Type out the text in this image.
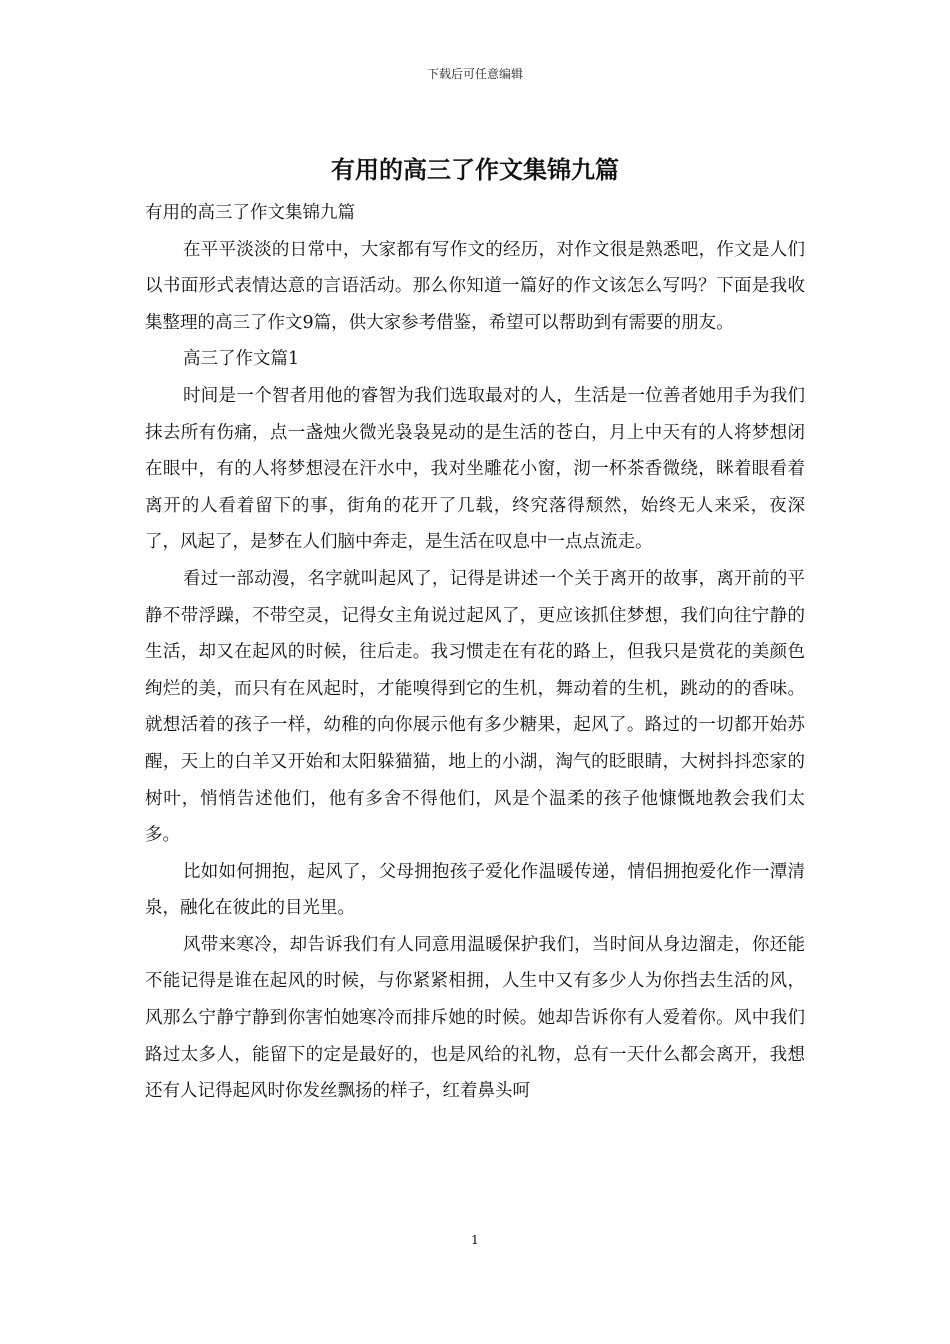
下载后可任意编辑
有用的高三了作文集锦九篇

有用的高三了作文集锦九篇

在平平淡淡的日常中，大家都有写作文的经历，对作文很是熟悉吧，作文是人们以书面形式表情达意的言语活动。那么你知道一篇好的作文该怎么写吗？下面是我收集整理的高三了作文9篇，供大家参考借鉴，希望可以帮助到有需要的朋友。

高三了作文篇1

时间是一个智者用他的睿智为我们选取最对的人，生活是一位善者她用手为我们抹去所有伤痛，点一盏烛火微光袅袅晃动的是生活的苍白，月上中天有的人将梦想闭在眼中，有的人将梦想浸在汗水中，我对坐雕花小窗，沏一杯茶香微绕，眯着眼看着离开的人看着留下的事，街角的花开了几载，终究落得颓然，始终无人来采，夜深了，风起了，是梦在人们脑中奔走，是生活在叹息中一点点流走。

看过一部动漫，名字就叫起风了，记得是讲述一个关于离开的故事，离开前的平静不带浮躁，不带空灵，记得女主角说过起风了，更应该抓住梦想，我们向往宁静的生活，却又在起风的时候，往后走。我习惯走在有花的路上，但我只是赏花的美颜色绚烂的美，而只有在风起时，才能嗅得到它的生机，舞动着的生机，跳动的的香味。就想活着的孩子一样，幼稚的向你展示他有多少糖果，起风了。路过的一切都开始苏醒，天上的白羊又开始和太阳躲猫猫，地上的小湖，淘气的眨眼睛，大树抖抖恋家的树叶，悄悄告述他们，他有多舍不得他们，风是个温柔的孩子他慷慨地教会我们太多。

比如如何拥抱，起风了，父母拥抱孩子爱化作温暖传递，情侣拥抱爱化作一潭清泉，融化在彼此的目光里。

风带来寒冷，却告诉我们有人同意用温暖保护我们，当时间从身边溜走，你还能不能记得是谁在起风的时候，与你紧紧相拥，人生中又有多少人为你挡去生活的风，风那么宁静宁静到你害怕她寒冷而排斥她的时候。她却告诉你有人爱着你。风中我们路过太多人，能留下的定是最好的，也是风给的礼物，总有一天什么都会离开，我想还有人记得起风时你发丝飘扬的样子，红着鼻头呵

1
